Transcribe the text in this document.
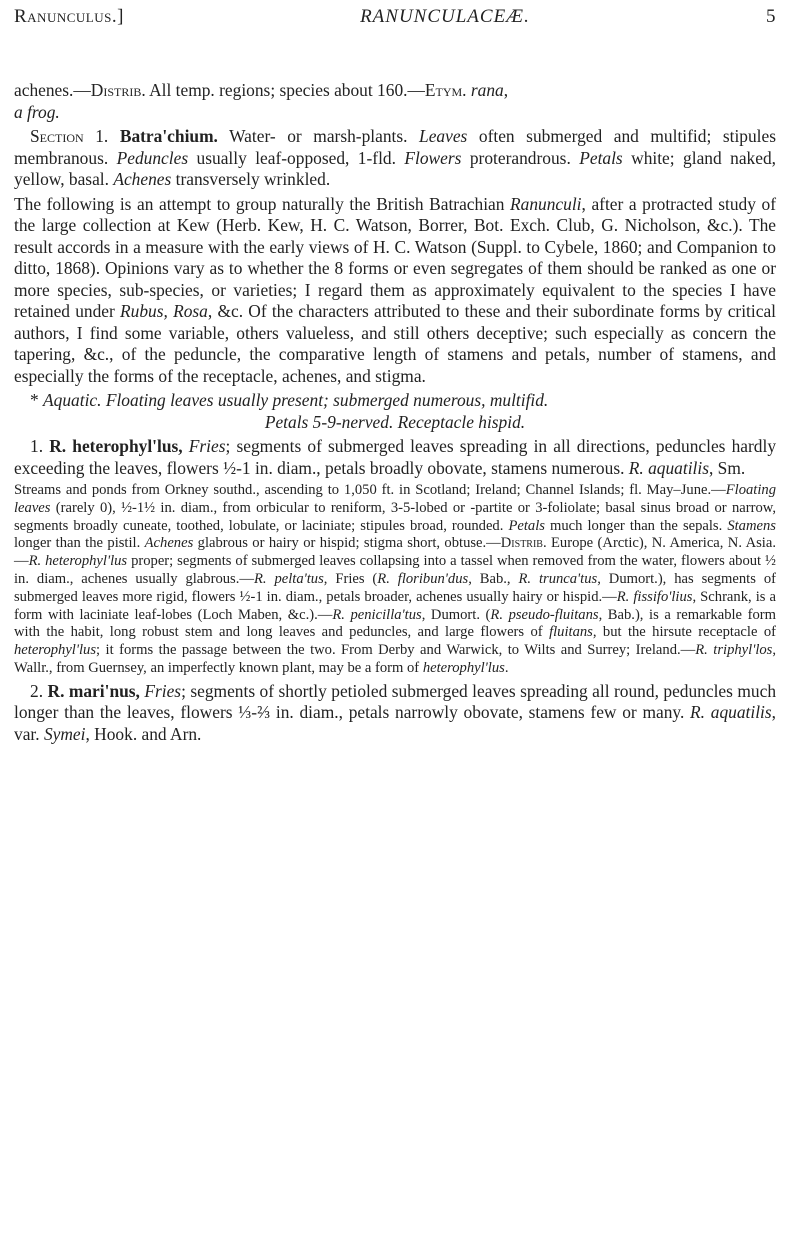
Ranunculus.]	RANUNCULACEÆ.	5

achenes.—Distrib. All temp. regions; species about 160.—Etym. rana,
a frog.

Section 1. Batra'chium. Water- or marsh-plants. Leaves often submerged and multifid; stipules membranous. Peduncles usually leaf-opposed, 1-fld. Flowers proterandrous. Petals white; gland naked, yellow, basal. Achenes transversely wrinkled.

The following is an attempt to group naturally the British Batrachian Ranunculi, after a protracted study of the large collection at Kew (Herb. Kew, H. C. Watson, Borrer, Bot. Exch. Club, G. Nicholson, &c.). The result accords in a measure with the early views of H. C. Watson (Suppl. to Cybele, 1860; and Companion to ditto, 1868). Opinions vary as to whether the 8 forms or even segregates of them should be ranked as one or more species, sub-species, or varieties; I regard them as approximately equivalent to the species I have retained under Rubus, Rosa, &c. Of the characters attributed to these and their subordinate forms by critical authors, I find some variable, others valueless, and still others deceptive; such especially as concern the tapering, &c., of the peduncle, the comparative length of stamens and petals, number of stamens, and especially the forms of the receptacle, achenes, and stigma.

* Aquatic. Floating leaves usually present; submerged numerous, multifid.

Petals 5-9-nerved. Receptacle hispid.

1. R. heterophyl'lus, Fries; segments of submerged leaves spreading in all directions, peduncles hardly exceeding the leaves, flowers ½-1 in. diam., petals broadly obovate, stamens numerous. R. aquatilis, Sm.

Streams and ponds from Orkney southd., ascending to 1,050 ft. in Scotland; Ireland; Channel Islands; fl. May–June.—Floating leaves (rarely 0), ½-1½ in. diam., from orbicular to reniform, 3-5-lobed or -partite or 3-foliolate; basal sinus broad or narrow, segments broadly cuneate, toothed, lobulate, or laciniate; stipules broad, rounded. Petals much longer than the sepals. Stamens longer than the pistil. Achenes glabrous or hairy or hispid; stigma short, obtuse.—Distrib. Europe (Arctic), N. America, N. Asia.—R. heterophyl'lus proper; segments of submerged leaves collapsing into a tassel when removed from the water, flowers about ½ in. diam., achenes usually glabrous.—R. pelta'tus, Fries (R. floribun'dus, Bab., R. trunca'tus, Dumort.), has segments of submerged leaves more rigid, flowers ½-1 in. diam., petals broader, achenes usually hairy or hispid.—R. fissifo'lius, Schrank, is a form with laciniate leaf-lobes (Loch Maben, &c.).—R. penicilla'tus, Dumort. (R. pseudo-fluitans, Bab.), is a remarkable form with the habit, long robust stem and long leaves and peduncles, and large flowers of fluitans, but the hirsute receptacle of heterophyl'lus; it forms the passage between the two. From Derby and Warwick, to Wilts and Surrey; Ireland.—R. triphyl'los, Wallr., from Guernsey, an imperfectly known plant, may be a form of heterophyl'lus.

2. R. mari'nus, Fries; segments of shortly petioled submerged leaves spreading all round, peduncles much longer than the leaves, flowers ⅓-⅔ in. diam., petals narrowly obovate, stamens few or many. R. aquatilis, var. Symei, Hook. and Arn.
